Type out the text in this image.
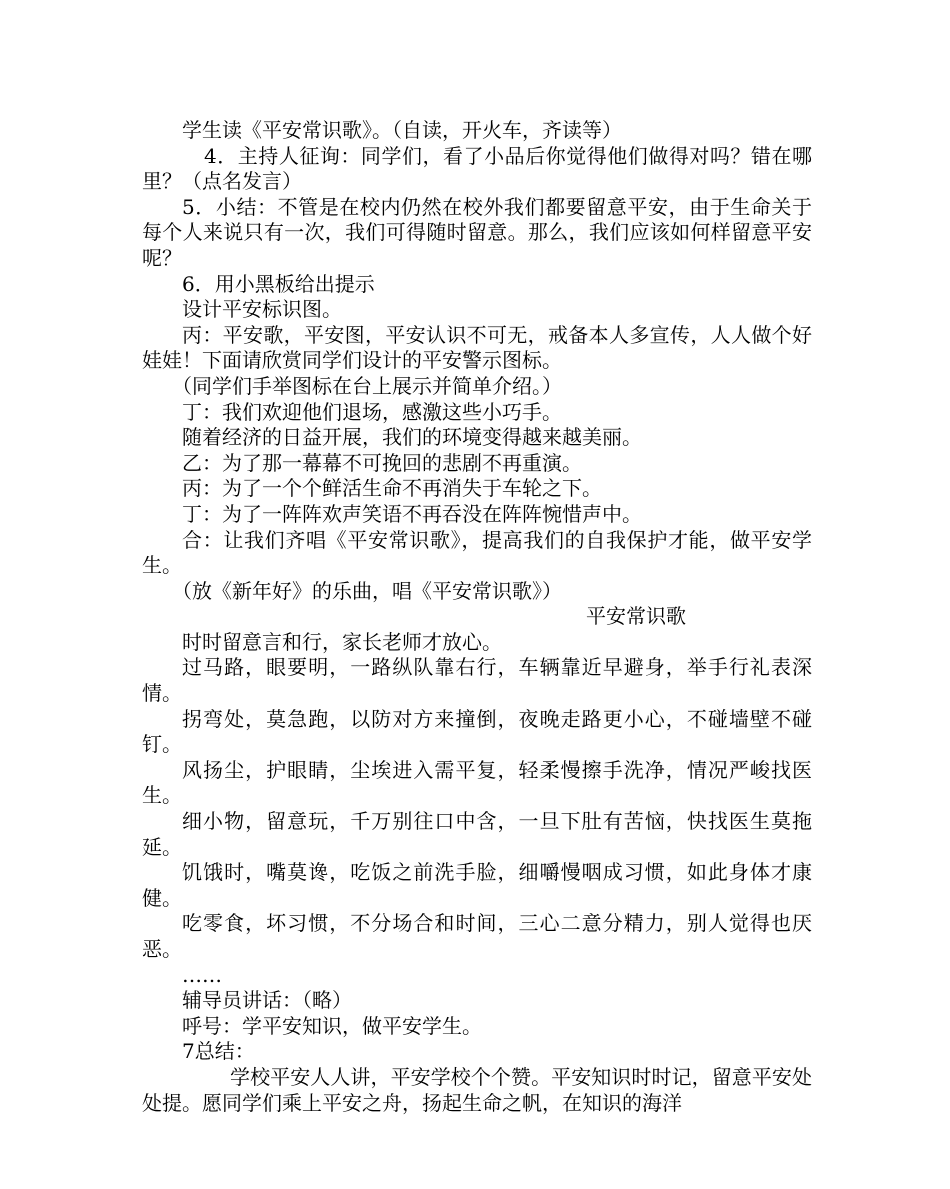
学生读《平安常识歌》。（自读，开火车，齐读等）

4．主持人征询：同学们，看了小品后你觉得他们做得对吗？错在哪里？（点名发言）

5．小结：不管是在校内仍然在校外我们都要留意平安，由于生命关于每个人来说只有一次，我们可得随时留意。那么，我们应该如何样留意平安呢？

6．用小黑板给出提示

设计平安标识图。

丙：平安歌，平安图，平安认识不可无，戒备本人多宣传，人人做个好娃娃！下面请欣赏同学们设计的平安警示图标。

（同学们手举图标在台上展示并简单介绍。）

丁：我们欢迎他们退场，感激这些小巧手。

随着经济的日益开展，我们的环境变得越来越美丽。

乙：为了那一幕幕不可挽回的悲剧不再重演。

丙：为了一个个鲜活生命不再消失于车轮之下。

丁：为了一阵阵欢声笑语不再吞没在阵阵惋惜声中。

合：让我们齐唱《平安常识歌》，提高我们的自我保护才能，做平安学生。

（放《新年好》的乐曲，唱《平安常识歌》）

平安常识歌

时时留意言和行，家长老师才放心。

过马路，眼要明，一路纵队靠右行，车辆靠近早避身，举手行礼表深情。

拐弯处，莫急跑，以防对方来撞倒，夜晚走路更小心，不碰墙壁不碰钉。

风扬尘，护眼睛，尘埃进入需平复，轻柔慢擦手洗净，情况严峻找医生。

细小物，留意玩，千万别往口中含，一旦下肚有苦恼，快找医生莫拖延。

饥饿时，嘴莫谗，吃饭之前洗手脸，细嚼慢咽成习惯，如此身体才康健。

吃零食，坏习惯，不分场合和时间，三心二意分精力，别人觉得也厌恶。

……

辅导员讲话：（略）

呼号：学平安知识，做平安学生。

7总结：

学校平安人人讲，平安学校个个赞。平安知识时时记，留意平安处处提。愿同学们乘上平安之舟，扬起生命之帆，在知识的海洋
